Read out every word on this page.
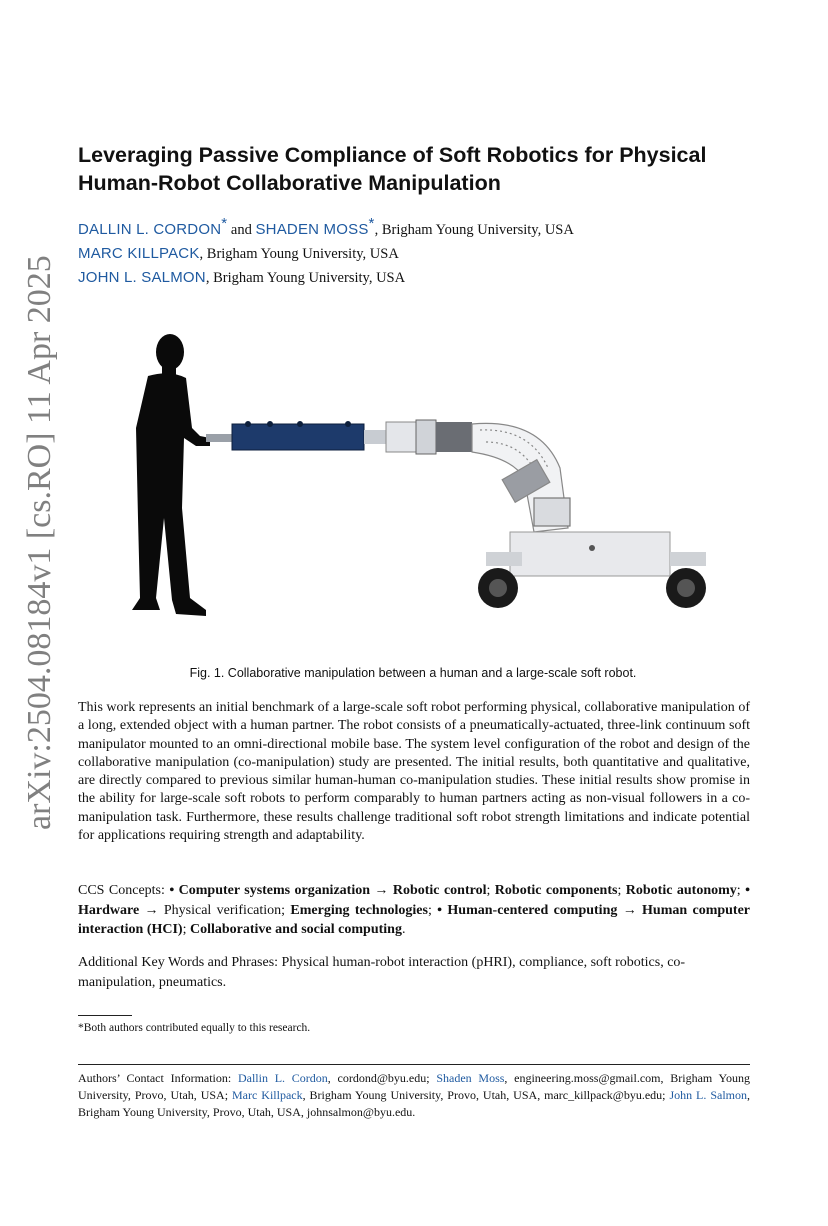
arXiv:2504.08184v1 [cs.RO] 11 Apr 2025
Leveraging Passive Compliance of Soft Robotics for Physical
Human-Robot Collaborative Manipulation
DALLIN L. CORDON* and SHADEN MOSS*, Brigham Young University, USA
MARC KILLPACK, Brigham Young University, USA
JOHN L. SALMON, Brigham Young University, USA
Fig. 1. Collaborative manipulation between a human and a large-scale soft robot.

This work represents an initial benchmark of a large-scale soft robot performing physical, collaborative manipulation of a long, extended object with a human partner. The robot consists of a pneumatically-actuated, three-link continuum soft manipulator mounted to an omni-directional mobile base. The system level configuration of the robot and design of the collaborative manipulation (co-manipulation) study are presented. The initial results, both quantitative and qualitative, are directly compared to previous similar human-human co-manipulation studies. These initial results show promise in the ability for large-scale soft robots to perform comparably to human partners acting as non-visual followers in a co-manipulation task. Furthermore, these results challenge traditional soft robot strength limitations and indicate potential for applications requiring strength and adaptability.

CCS Concepts: • Computer systems organization → Robotic control; Robotic components; Robotic autonomy; • Hardware → Physical verification; Emerging technologies; • Human-centered computing → Human computer interaction (HCI); Collaborative and social computing.

Additional Key Words and Phrases: Physical human-robot interaction (pHRI), compliance, soft robotics, co-manipulation, pneumatics.

*Both authors contributed equally to this research.

Authors’ Contact Information: Dallin L. Cordon, cordond@byu.edu; Shaden Moss, engineering.moss@gmail.com, Brigham Young University, Provo, Utah, USA; Marc Killpack, Brigham Young University, Provo, Utah, USA, marc_killpack@byu.edu; John L. Salmon, Brigham Young University, Provo, Utah, USA, johnsalmon@byu.edu.
